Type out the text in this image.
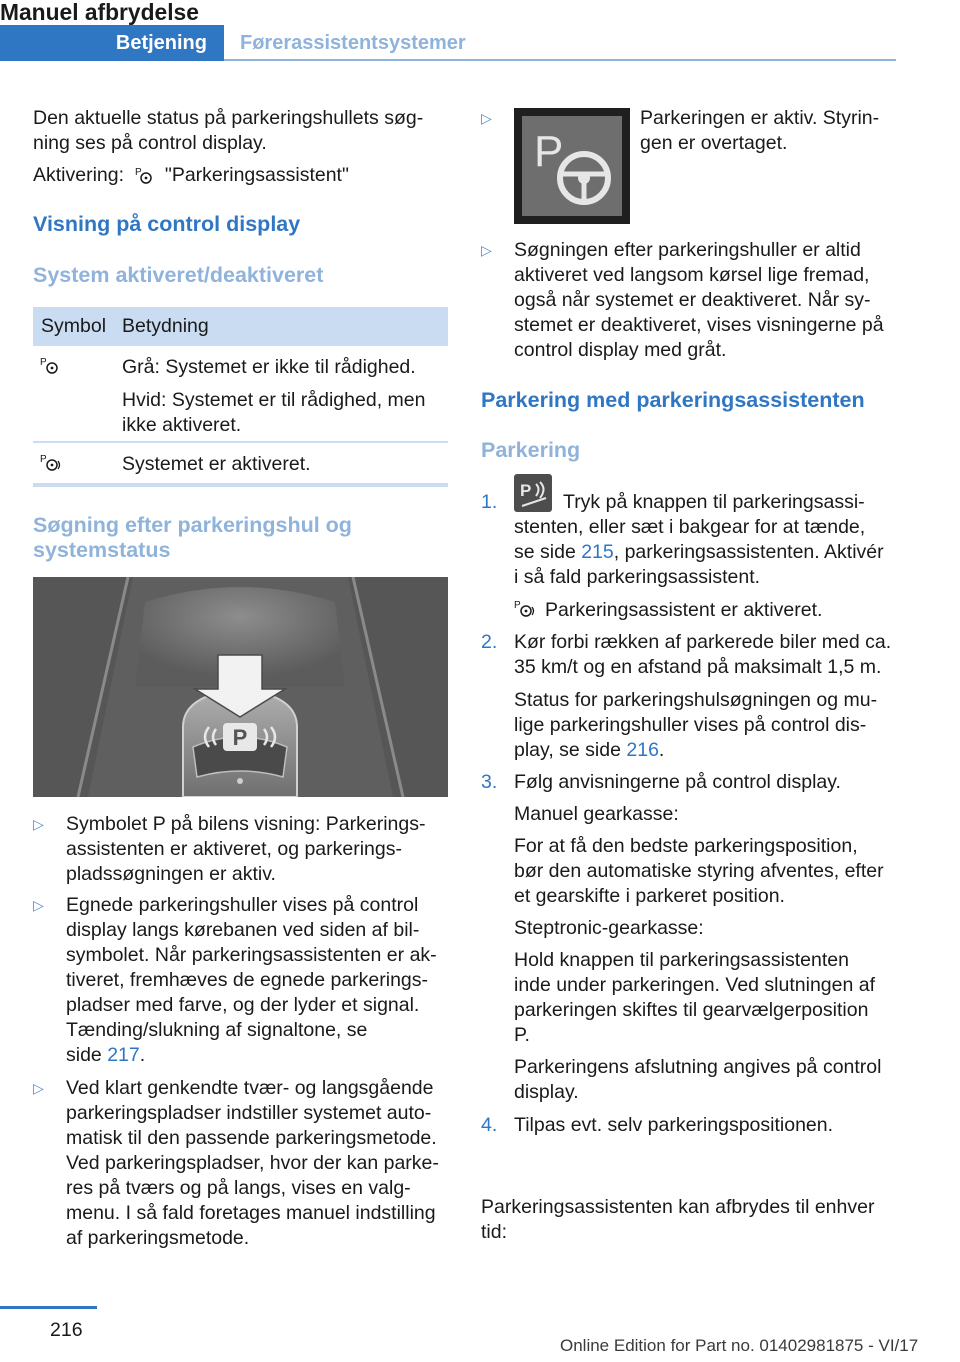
Betjening Førerassistentsystemer
Den aktuelle status på parkeringshullets søg-
ning ses på control display.
Aktivering: P "Parkeringsassistent"
Visning på control display
System aktiveret/deaktiveret
Symbol Betydning
P	Grå: Systemet er ikke til rådighed.
Hvid: Systemet er til rådighed, men
ikke aktiveret.
P	Systemet er aktiveret.
Søgning efter parkeringshul og
systemstatus
P
▷ Symbolet P på bilens visning: Parkerings-
assistenten er aktiveret, og parkerings-
pladssøgningen er aktiv.
▷ Egnede parkeringshuller vises på control
display langs kørebanen ved siden af bil-
symbolet. Når parkeringsassistenten er ak-
tiveret, fremhæves de egnede parkerings-
pladser med farve, og der lyder et signal.
Tænding/slukning af signaltone, se
side 217.
▷ Ved klart genkendte tvær- og langsgående
parkeringspladser indstiller systemet auto-
matisk til den passende parkeringsmetode.
Ved parkeringspladser, hvor der kan parke-
res på tværs og på langs, vises en valg-
menu. I så fald foretages manuel indstilling
af parkeringsmetode.
▷
P
Parkeringen er aktiv. Styrin-
gen er overtaget.
▷ Søgningen efter parkeringshuller er altid
aktiveret ved langsom kørsel lige fremad,
også når systemet er deaktiveret. Når sy-
stemet er deaktiveret, vises visningerne på
control display med gråt.
Parkering med parkeringsassistenten
Parkering
1.
P
Tryk på knappen til parkeringsassi-
stenten, eller sæt i bakgear for at tænde,
se side 215, parkeringsassistenten. Aktivér
i så fald parkeringsassistent.
P Parkeringsassistent er aktiveret.
2. Kør forbi rækken af parkerede biler med ca.
35 km/t og en afstand på maksimalt 1,5 m.
Status for parkeringshulsøgningen og mu-
lige parkeringshuller vises på control dis-
play, se side 216.
3. Følg anvisningerne på control display.
Manuel gearkasse:
For at få den bedste parkeringsposition,
bør den automatiske styring afventes, efter
et gearskifte i parkeret position.
Steptronic-gearkasse:
Hold knappen til parkeringsassistenten
inde under parkeringen. Ved slutningen af
parkeringen skiftes til gearvælgerposition
P.
Parkeringens afslutning angives på control
display.
4. Tilpas evt. selv parkeringspositionen.
Manuel afbrydelse
Parkeringsassistenten kan afbrydes til enhver
tid:
216
Online Edition for Part no. 01402981875 - VI/17
